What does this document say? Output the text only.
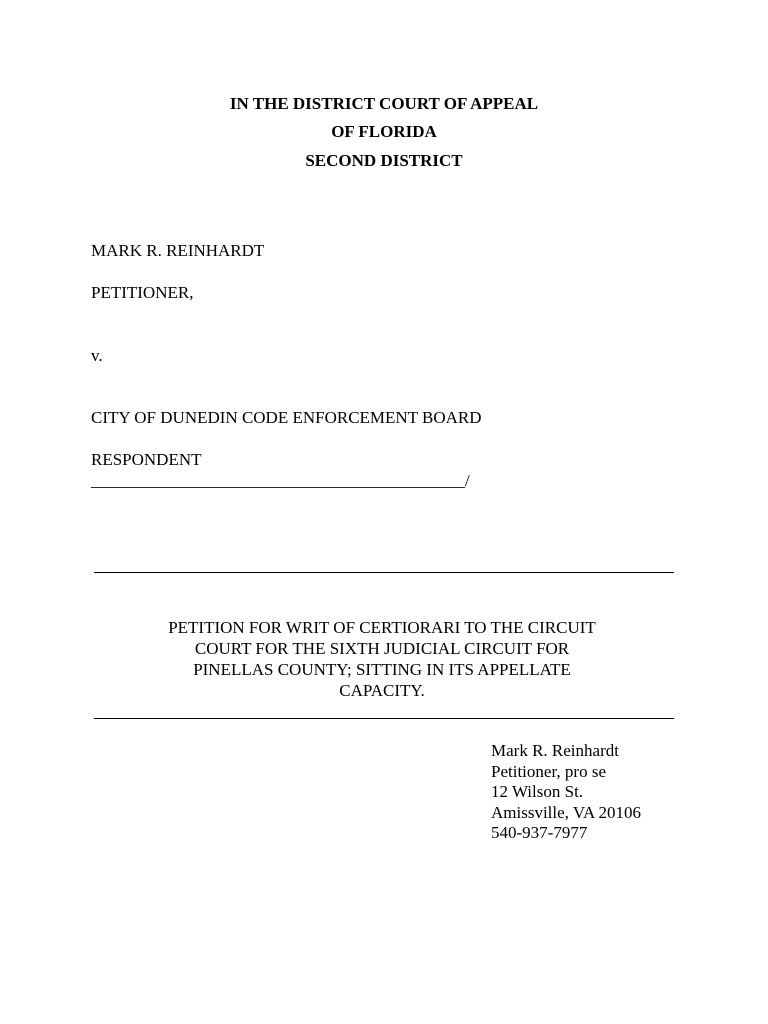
IN THE DISTRICT COURT OF APPEAL
OF FLORIDA
SECOND DISTRICT
MARK R. REINHARDT
PETITIONER,
v.
CITY OF DUNEDIN CODE ENFORCEMENT BOARD
RESPONDENT
____________________________________________/
PETITION FOR WRIT OF CERTIORARI TO THE CIRCUIT
COURT FOR THE SIXTH JUDICIAL CIRCUIT FOR
PINELLAS COUNTY; SITTING IN ITS APPELLATE
CAPACITY.
Mark R. Reinhardt
Petitioner, pro se
12 Wilson St.
Amissville, VA 20106
540-937-7977
